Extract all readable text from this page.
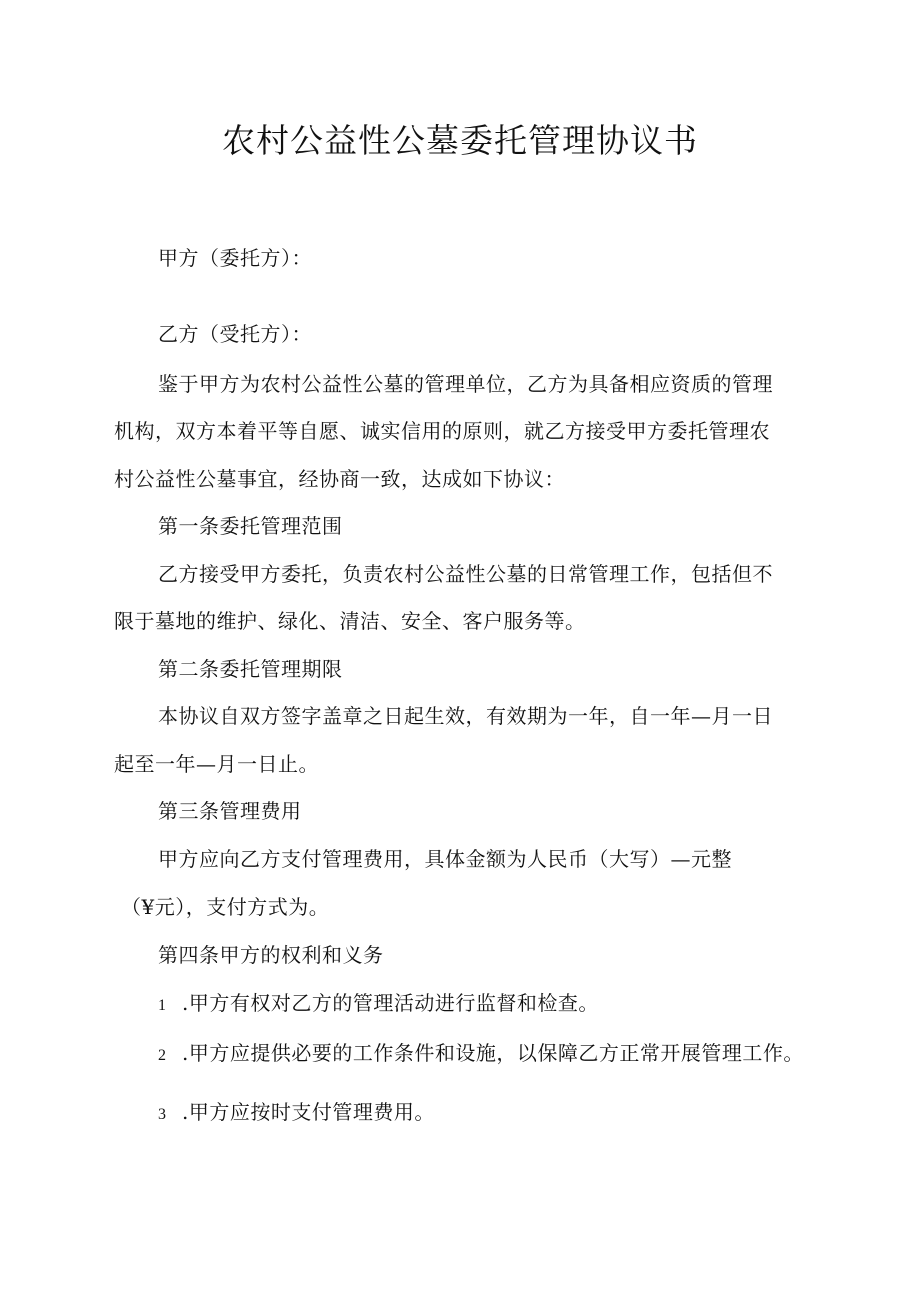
农村公益性公墓委托管理协议书
甲方（委托方）：
乙方（受托方）：
鉴于甲方为农村公益性公墓的管理单位，乙方为具备相应资质的管理
机构，双方本着平等自愿、诚实信用的原则，就乙方接受甲方委托管理农
村公益性公墓事宜，经协商一致，达成如下协议：
第一条委托管理范围
乙方接受甲方委托，负责农村公益性公墓的日常管理工作，包括但不
限于墓地的维护、绿化、清洁、安全、客户服务等。
第二条委托管理期限
本协议自双方签字盖章之日起生效，有效期为一年，自一年—月一日
起至一年—月一日止。
第三条管理费用
甲方应向乙方支付管理费用，具体金额为人民币（大写）—元整
（¥元），支付方式为。
第四条甲方的权利和义务
1 .甲方有权对乙方的管理活动进行监督和检查。
2 .甲方应提供必要的工作条件和设施，以保障乙方正常开展管理工作。
3 .甲方应按时支付管理费用。
